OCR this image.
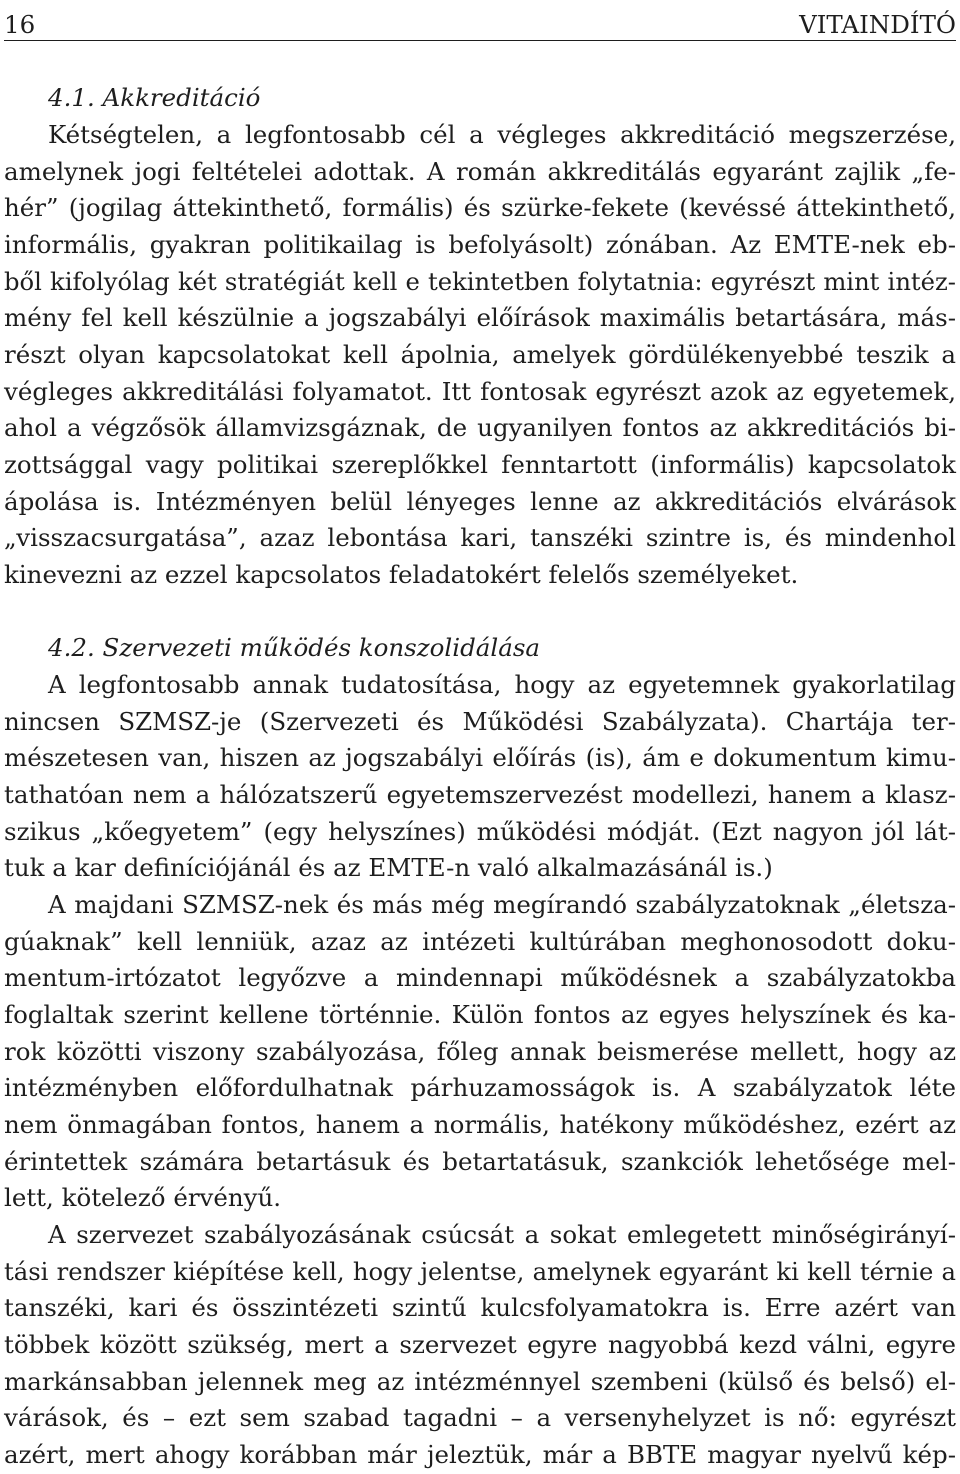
16	VITAINDÍTÓ
4.1. Akkreditáció
Kétségtelen, a legfontosabb cél a végleges akkreditáció megszerzése,
amelynek jogi feltételei adottak. A román akkreditálás egyaránt zajlik „fe-
hér” (jogilag áttekinthető, formális) és szürke-fekete (kevéssé áttekinthető,
informális, gyakran politikailag is befolyásolt) zónában. Az EMTE-nek eb-
ből kifolyólag két stratégiát kell e tekintetben folytatnia: egyrészt mint intéz-
mény fel kell készülnie a jogszabályi előírások maximális betartására, más-
részt olyan kapcsolatokat kell ápolnia, amelyek gördülékenyebbé teszik a
végleges akkreditálási folyamatot. Itt fontosak egyrészt azok az egyetemek,
ahol a végzősök államvizsgáznak, de ugyanilyen fontos az akkreditációs bi-
zottsággal vagy politikai szereplőkkel fenntartott (informális) kapcsolatok
ápolása is. Intézményen belül lényeges lenne az akkreditációs elvárások
„visszacsurgatása”, azaz lebontása kari, tanszéki szintre is, és mindenhol
kinevezni az ezzel kapcsolatos feladatokért felelős személyeket.
4.2. Szervezeti működés konszolidálása
A legfontosabb annak tudatosítása, hogy az egyetemnek gyakorlatilag
nincsen SZMSZ-je (Szervezeti és Működési Szabályzata). Chartája ter-
mészetesen van, hiszen az jogszabályi előírás (is), ám e dokumentum kimu-
tathatóan nem a hálózatszerű egyetemszervezést modellezi, hanem a klasz-
szikus „kőegyetem” (egy helyszínes) működési módját. (Ezt nagyon jól lát-
tuk a kar definíciójánál és az EMTE-n való alkalmazásánál is.)
A majdani SZMSZ-nek és más még megírandó szabályzatoknak „életsza-
gúaknak” kell lenniük, azaz az intézeti kultúrában meghonosodott doku-
mentum-irtózatot legyőzve a mindennapi működésnek a szabályzatokba
foglaltak szerint kellene történnie. Külön fontos az egyes helyszínek és ka-
rok közötti viszony szabályozása, főleg annak beismerése mellett, hogy az
intézményben előfordulhatnak párhuzamosságok is. A szabályzatok léte
nem önmagában fontos, hanem a normális, hatékony működéshez, ezért az
érintettek számára betartásuk és betartatásuk, szankciók lehetősége mel-
lett, kötelező érvényű.
A szervezet szabályozásának csúcsát a sokat emlegetett minőségirányí-
tási rendszer kiépítése kell, hogy jelentse, amelynek egyaránt ki kell térnie a
tanszéki, kari és összintézeti szintű kulcsfolyamatokra is. Erre azért van
többek között szükség, mert a szervezet egyre nagyobbá kezd válni, egyre
markánsabban jelennek meg az intézménnyel szembeni (külső és belső) el-
várások, és – ezt sem szabad tagadni – a versenyhelyzet is nő: egyrészt
azért, mert ahogy korábban már jeleztük, már a BBTE magyar nyelvű kép-
